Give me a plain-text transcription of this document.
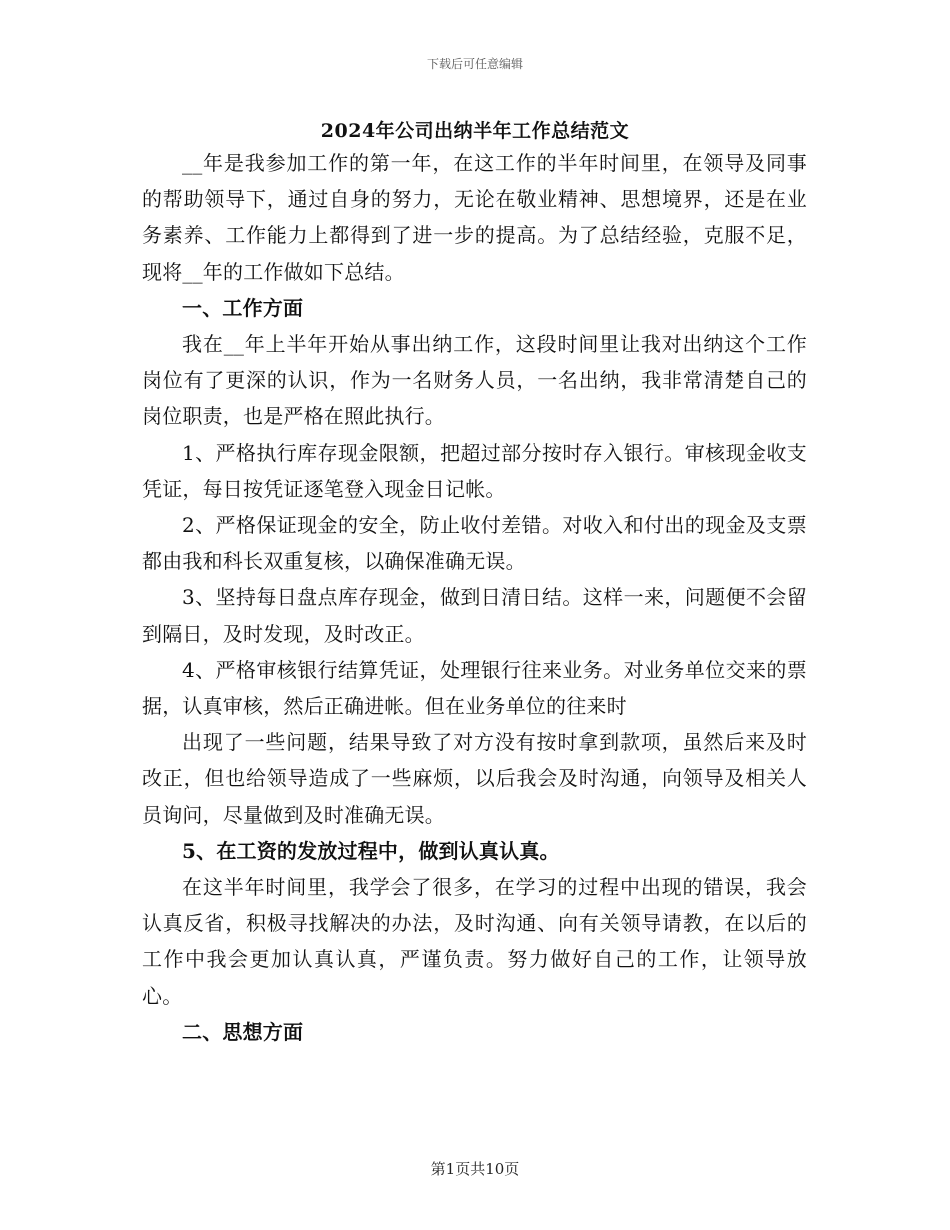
下载后可任意编辑
2024年公司出纳半年工作总结范文

__年是我参加工作的第一年，在这工作的半年时间里，在领导及同事的帮助领导下，通过自身的努力，无论在敬业精神、思想境界，还是在业务素养、工作能力上都得到了进一步的提高。为了总结经验，克服不足，现将__年的工作做如下总结。

一、工作方面

我在__年上半年开始从事出纳工作，这段时间里让我对出纳这个工作岗位有了更深的认识，作为一名财务人员，一名出纳，我非常清楚自己的岗位职责，也是严格在照此执行。

1、严格执行库存现金限额，把超过部分按时存入银行。审核现金收支凭证，每日按凭证逐笔登入现金日记帐。

2、严格保证现金的安全，防止收付差错。对收入和付出的现金及支票都由我和科长双重复核，以确保准确无误。

3、坚持每日盘点库存现金，做到日清日结。这样一来，问题便不会留到隔日，及时发现，及时改正。

4、严格审核银行结算凭证，处理银行往来业务。对业务单位交来的票据，认真审核，然后正确进帐。但在业务单位的往来时

出现了一些问题，结果导致了对方没有按时拿到款项，虽然后来及时改正，但也给领导造成了一些麻烦，以后我会及时沟通，向领导及相关人员询问，尽量做到及时准确无误。

5、在工资的发放过程中，做到认真认真。

在这半年时间里，我学会了很多，在学习的过程中出现的错误，我会认真反省，积极寻找解决的办法，及时沟通、向有关领导请教，在以后的工作中我会更加认真认真，严谨负责。努力做好自己的工作，让领导放心。

二、思想方面

第1页共10页
